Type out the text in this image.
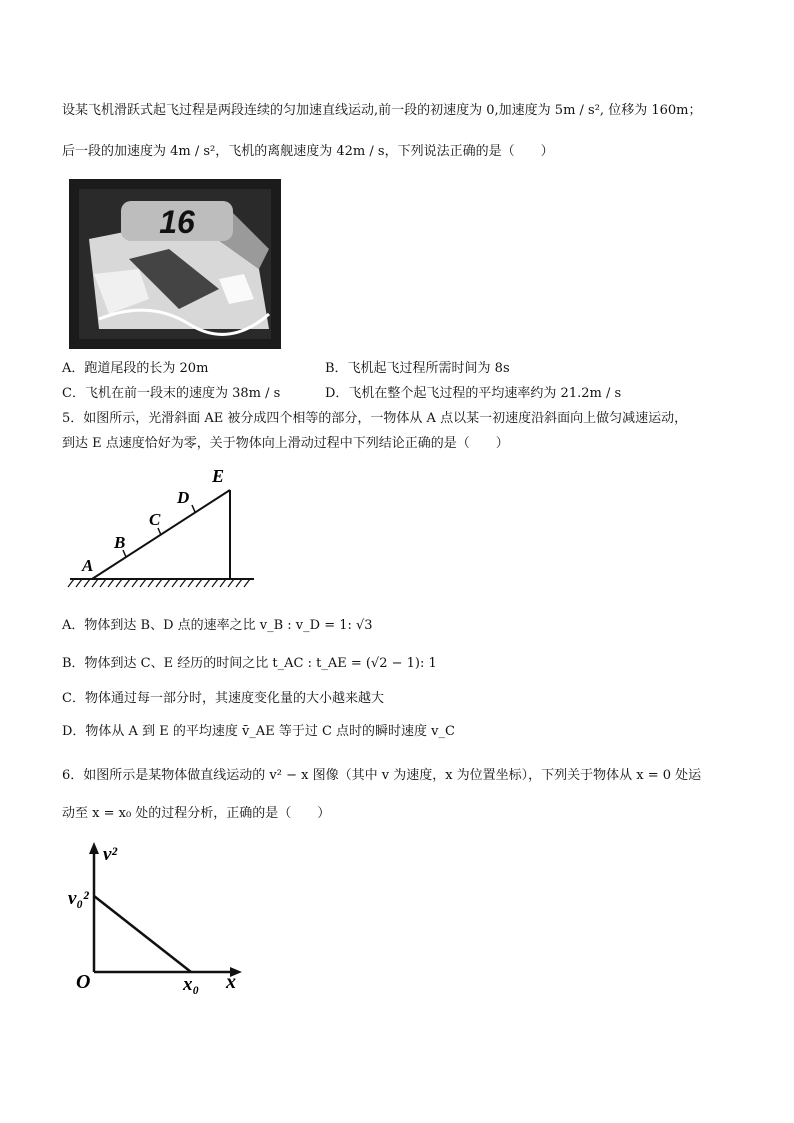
设某飞机滑跃式起飞过程是两段连续的匀加速直线运动,前一段的初速度为 0,加速度为 5m / s², 位移为 160m；
后一段的加速度为 4m / s²，飞机的离舰速度为 42m / s，下列说法正确的是（　　）
16
A．跑道尾段的长为 20m	B．飞机起飞过程所需时间为 8s
C．飞机在前一段末的速度为 38m / s	D．飞机在整个起飞过程的平均速率约为 21.2m / s
5．如图所示，光滑斜面 AE 被分成四个相等的部分，一物体从 A 点以某一初速度沿斜面向上做匀减速运动，
到达 E 点速度恰好为零，关于物体向上滑动过程中下列结论正确的是（　　）
A
B
C
D
E
A．物体到达 B、D 点的速率之比 v_B : v_D = 1: √3
B．物体到达 C、E 经历的时间之比 t_AC : t_AE = (√2 − 1): 1
C．物体通过每一部分时，其速度变化量的大小越来越大
D．物体从 A 到 E 的平均速度 v̄_AE 等于过 C 点时的瞬时速度 v_C
6．如图所示是某物体做直线运动的 v² − x 图像（其中 v 为速度，x 为位置坐标），下列关于物体从 x = 0 处运
动至 x = x₀ 处的过程分析，正确的是（　　）
v²
v₀²
O	x₀ x
